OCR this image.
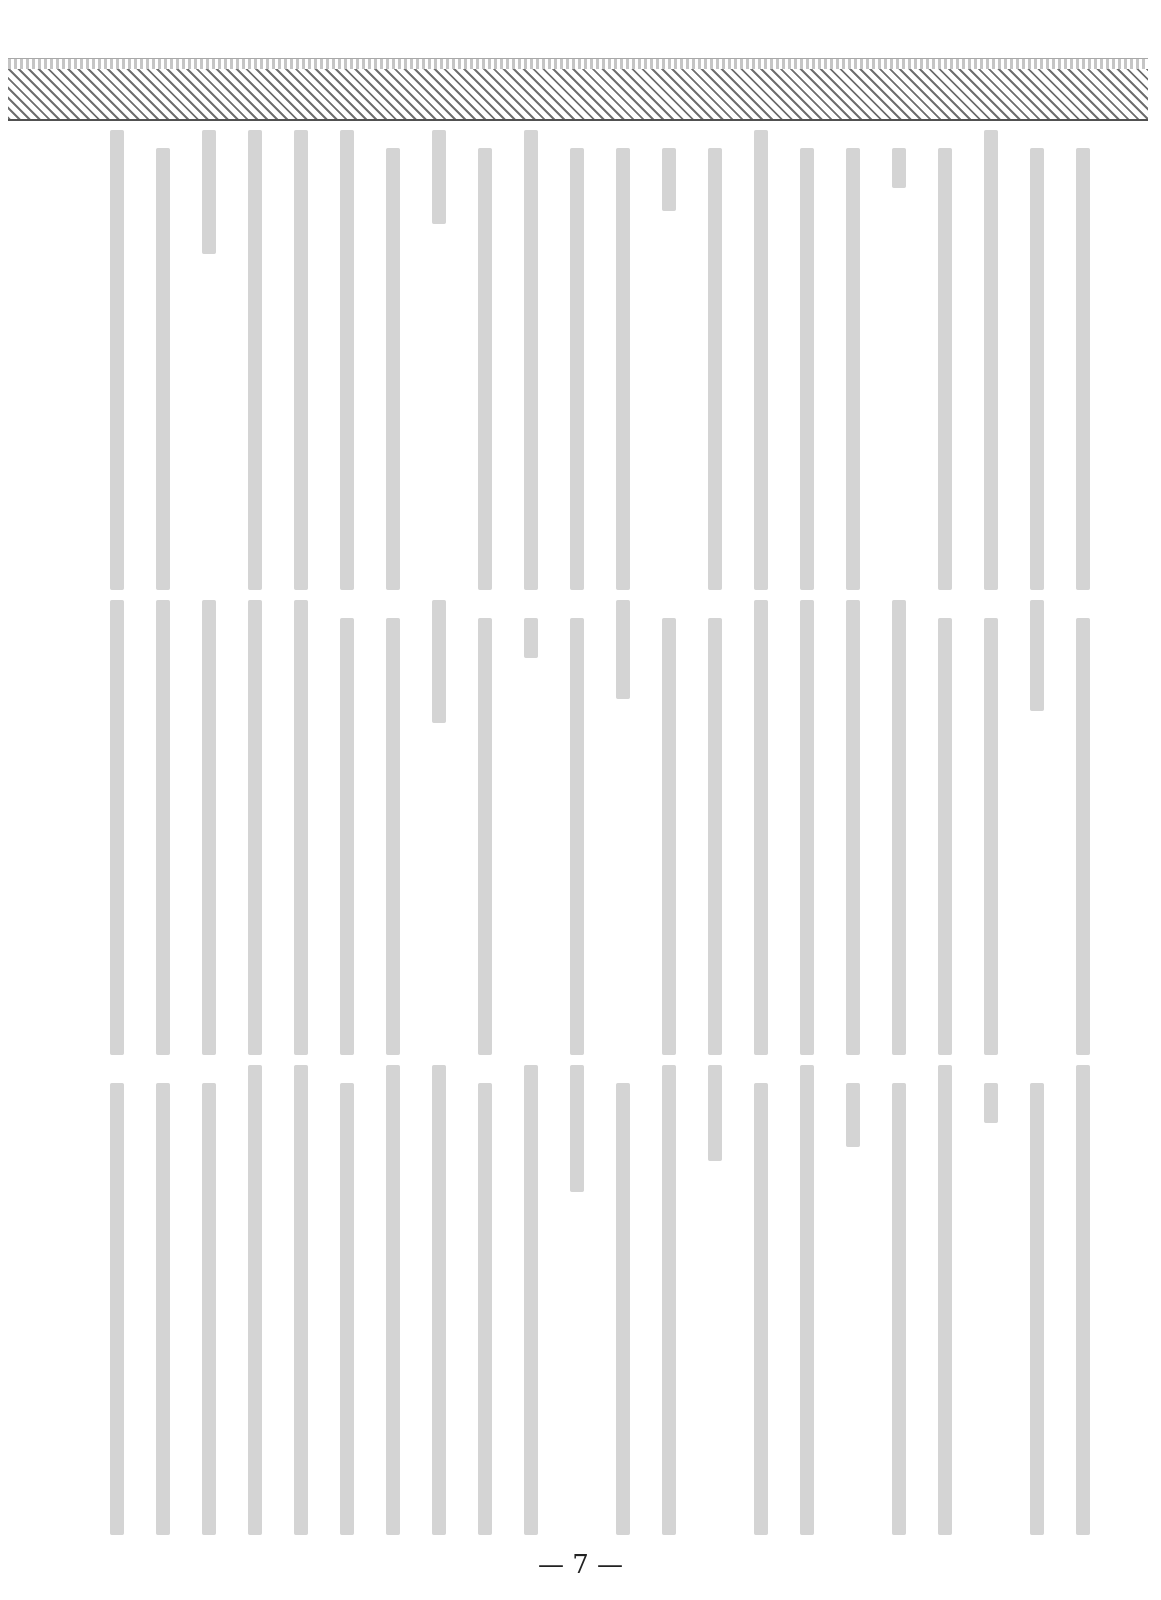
— 7 —
